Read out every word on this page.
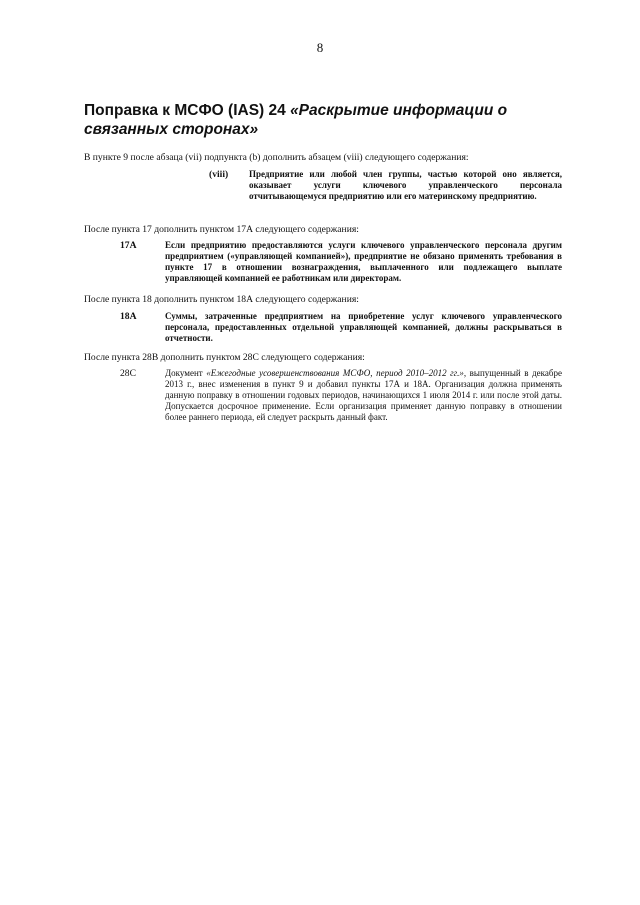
8
Поправка к МСФО (IAS) 24 «Раскрытие информации о связанных сторонах»

В пункте 9 после абзаца (vii) подпункта (b) дополнить абзацем (viii) следующего содержания:

(viii) Предприятие или любой член группы, частью которой оно является, оказывает услуги ключевого управленческого персонала отчитывающемуся предприятию или его материнскому предприятию.

После пункта 17 дополнить пунктом 17А следующего содержания:

17А	Если предприятию предоставляются услуги ключевого управленческого персонала другим предприятием («управляющей компанией»), предприятие не обязано применять требования в пункте 17 в отношении вознаграждения, выплаченного или подлежащего выплате управляющей компанией ее работникам или директорам.

После пункта 18 дополнить пунктом 18А следующего содержания:

18А	Суммы, затраченные предприятием на приобретение услуг ключевого управленческого персонала, предоставленных отдельной управляющей компанией, должны раскрываться в отчетности.

После пункта 28В дополнить пунктом 28С следующего содержания:

28С	Документ «Ежегодные усовершенствования МСФО, период 2010–2012 гг.», выпущенный в декабре 2013 г., внес изменения в пункт 9 и добавил пункты 17А и 18А. Организация должна применять данную поправку в отношении годовых периодов, начинающихся 1 июля 2014 г. или после этой даты. Допускается досрочное применение. Если организация применяет данную поправку в отношении более раннего периода, ей следует раскрыть данный факт.
